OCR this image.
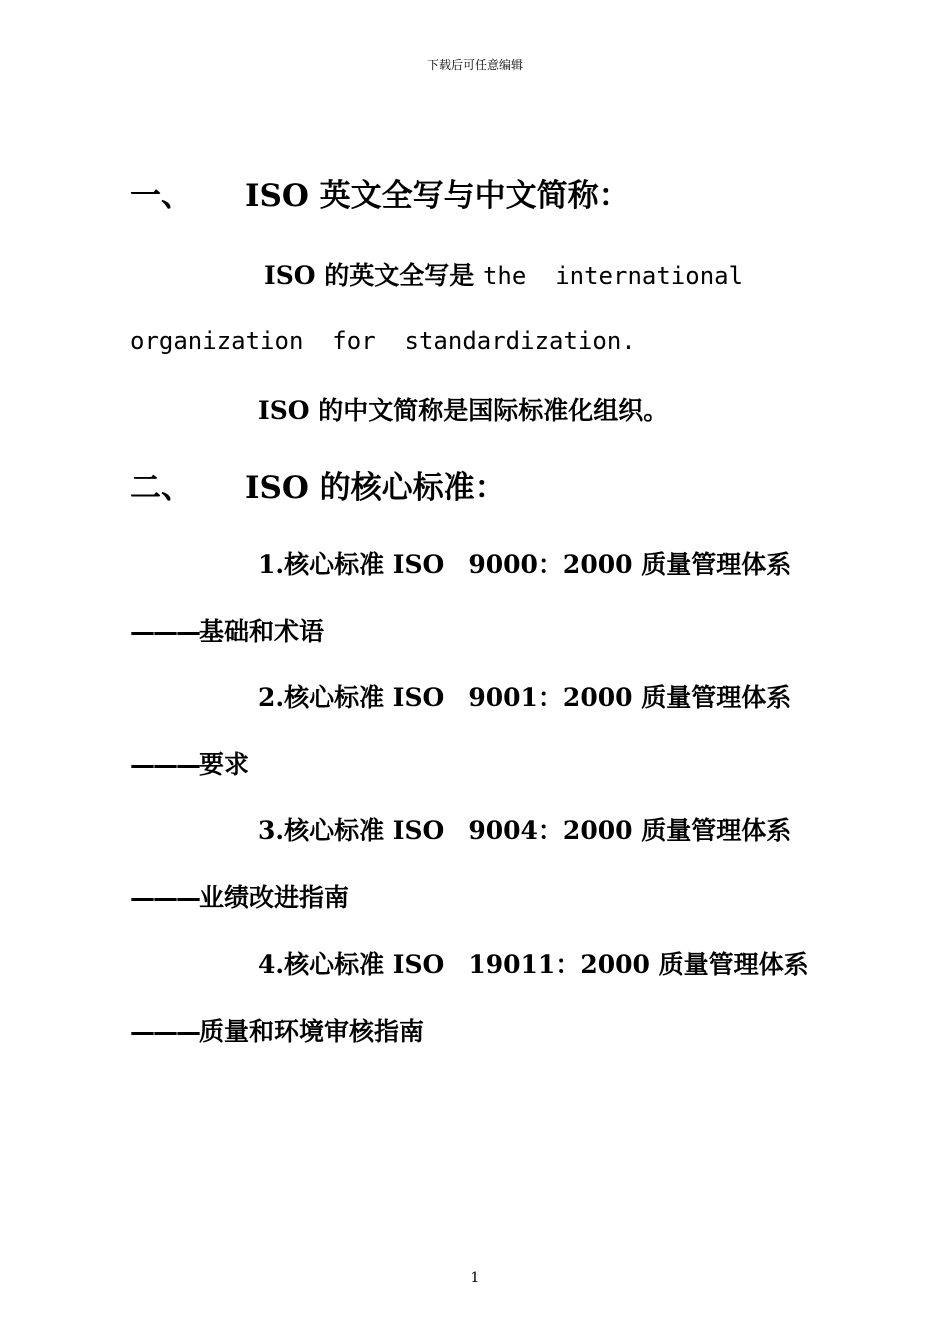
下载后可任意编辑
一、 ISO 英文全写与中文简称：
ISO 的英文全写是 the  international
organization  for  standardization.
ISO 的中文简称是国际标准化组织。
二、 ISO 的核心标准：
1.核心标准 ISO 9000：2000 质量管理体系
———基础和术语
2.核心标准 ISO 9001：2000 质量管理体系
———要求
3.核心标准 ISO 9004：2000 质量管理体系
———业绩改进指南
4.核心标准 ISO 19011：2000 质量管理体系
———质量和环境审核指南
1
